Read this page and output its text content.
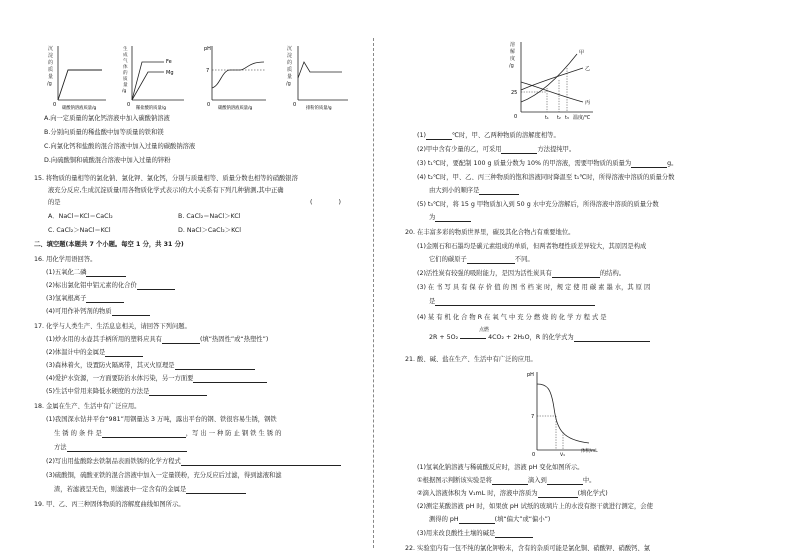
沉
淀
的
质
量
/g
0
碳酸钠溶液质量/g
生
成
气
体
的
质
量
/g
Fe
Mg
0
稀盐酸的质量/g
pH
7
0
碳酸钠溶液质量/g
沉
淀
的
质
量
/g
0
排粉的质量/g
A.向一定质量的氯化钙溶液中加入碳酸钠溶液
B.分别向质量的稀盐酸中加等质量的铁和镁
C.向氯化钙和盐酸的混合溶液中加入过量的碳酸钠溶液
D.向硫酸铜和硫酸混合溶液中加入过量的锌粉
15. 将物质的量相等的氯化钠、氯化钾、氯化钙，分别与质量相等、质量分数也相等的硝酸银溶
液充分反应,生成沉淀质量(用各物质化学式表示)的大小关系有下列几种猜测,其中正确
的是	(	)
A．NaCl＝KCl＝CaCl₂	B. CaCl₂＝NaCl＞KCl
C. CaCl₂＞NaCl＝KCl	D. NaCl＞CaCl₂＞KCl
二、填空题(本题共 7 个小题。每空 1 分，共 31 分)
16. 用化学用语回答。
(1)五氧化二磷
(2)标出氯化铝中铝元素的化合价
(3)氢氧根离子
(4)可用作补钙剂的物质
17. 化学与人类生产、生活息息相关，请回答下列问题。
(1)炒水用的水壶其手柄所用的塑料应具有	(填“热固性”或“热塑性”)
(2)体温计中的金属是
(3)森林着火，设置防火隔离带，其灭火原理是
(4)爱护水资源，一方面要防治水体污染，另一方面要
(5)生活中常用来降低水硬度的方法是
18. 金属在生产、生活中有广泛应用。
(1)我国深水钻井平台“981”用钢量达 3 万吨，露出平台的钢、铁很容易生锈，钢铁
生 锈 的 条 件 是	，写 出 一 种 防 止 钢 铁 生 锈 的
方法
(2)写出用盐酸除去铁制品表面铁锈的化学方程式
(3)硫酸铜，硫酸亚铁的混合溶液中加入一定量镁粉，充分反应后过滤，得到滤液和滤
渣，若滤液呈无色，则滤液中一定含有的金属是
19. 甲、乙、丙三种固体物质的溶解度曲线如图所示。
溶
解
度
/g
25
0	t₁ t₂ t₃ 温度/℃
甲
乙
丙
(1)	℃时，甲、乙两种物质的溶解度相等。
(2)甲中含有少量的乙，可采用	方法提纯甲。
(3) t₁℃时，要配制 100 g 质量分数为 10% 的甲溶液，需要甲物质的质量为	g。
(4) t₂℃时，甲、乙、丙三种物质的饱和溶液同时降温至 t₁℃时，所得溶液中溶质的质量分数
由大到小的顺序是
(5) t₃℃时，将 15 g 甲物质加入到 50 g 水中充分溶解后，所得溶液中溶质的质量分数
为
20. 在丰富多彩的物质世界里，碳及其化合物占有重要地位。
(1)金刚石和石墨均是碳元素组成的单质，但两者物理性质差异较大，其原因是构成
它们的碳原子	不同。
(2)活性炭有较强的吸附能力，是因为活性炭具有	的结构。
(3) 在 书 写 具 有 保 存 价 值 的 图 书 档 案 时，规 定 使 用 碳 素 墨 水，其 原 因
是
(4) 某 有 机 化 合 物 R 在 氧 气 中 充 分 燃 烧 的 化 学 方 程 式 是
点燃
2R + 5O₂	4CO₂ + 2H₂O，R 的化学式为
21. 酸、碱、盐在生产、生活中有广泛的应用。
pH
7
0	V₁
体积/mL
(1)氢氧化钠溶液与稀硫酸反应时，溶液 pH 变化如图所示。
①根据图示判断该实验是将	滴入到	中。
②滴入溶液体积为 V₁mL 时，溶液中溶质为	(填化学式)
(2)测定某酸溶液 pH 时，如果放 pH 试纸的玻璃片上的水没有擦干就进行测定，会使
测得的 pH	(填“偏大”或“偏小”)
(3)用来改良酸性土壤的碱是
22. 实验室内有一包不纯的氯化钾粉末，含有的杂质可能是氯化铜、硝酸钾、硝酸钙、氯
